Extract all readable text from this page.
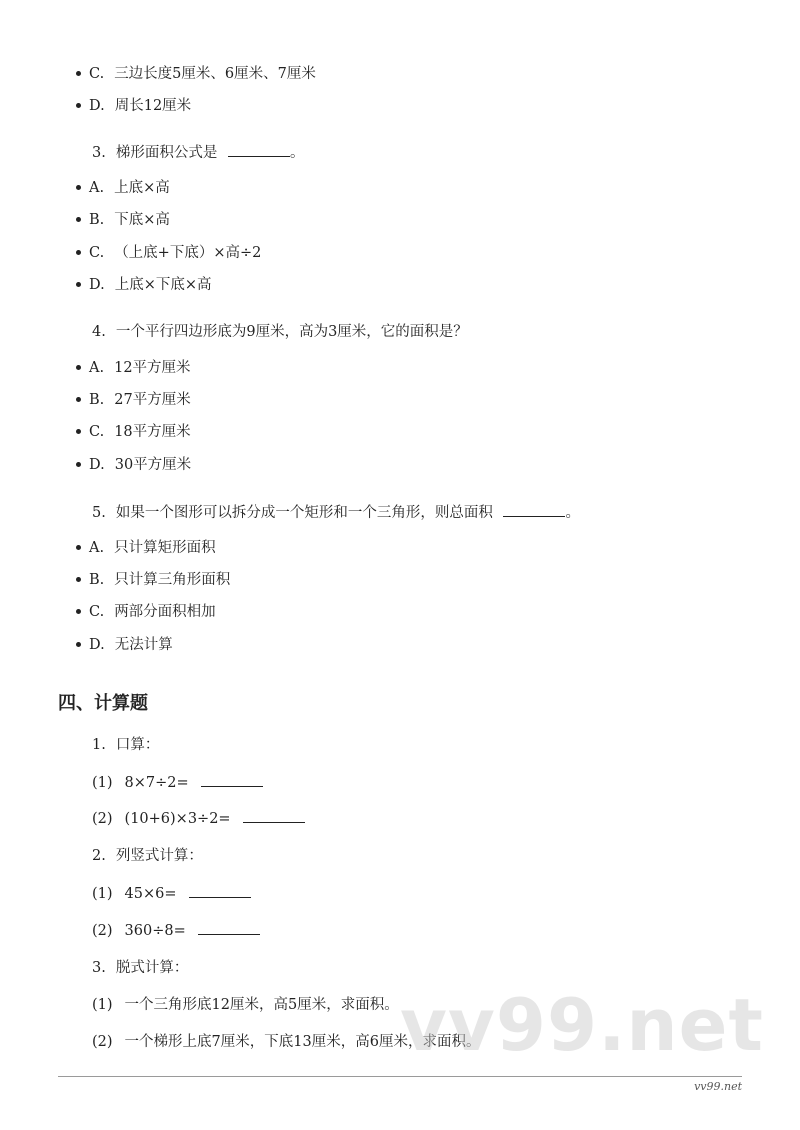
C. 三边长度5厘米、6厘米、7厘米
D. 周长12厘米
3. 梯形面积公式是	。
A. 上底×高
B. 下底×高
C. （上底+下底）×高÷2
D. 上底×下底×高
4. 一个平行四边形底为9厘米，高为3厘米，它的面积是？
A. 12平方厘米
B. 27平方厘米
C. 18平方厘米
D. 30平方厘米
5. 如果一个图形可以拆分成一个矩形和一个三角形，则总面积	。
A. 只计算矩形面积
B. 只计算三角形面积
C. 两部分面积相加
D. 无法计算
四、计算题
1. 口算：
(1) 8×7÷2=
(2) (10+6)×3÷2=
2. 列竖式计算：
(1) 45×6=
(2) 360÷8=
3. 脱式计算：
(1) 一个三角形底12厘米，高5厘米，求面积。
(2) 一个梯形上底7厘米，下底13厘米，高6厘米，求面积。
vv99.net
vv99.net
